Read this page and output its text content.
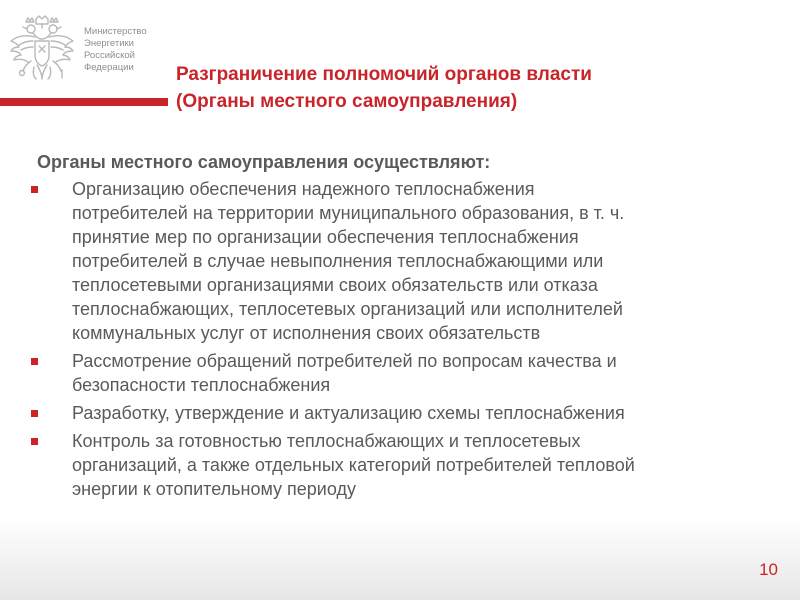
Министерство
Энергетики
Российской
Федерации	Разграничение полномочий органов власти
(Органы местного самоуправления)
Органы местного самоуправления осуществляют:
Организацию обеспечения надежного теплоснабжения
потребителей на территории муниципального образования, в т. ч.
принятие мер по организации обеспечения теплоснабжения
потребителей в случае невыполнения теплоснабжающими или
теплосетевыми организациями своих обязательств или отказа
теплоснабжающих, теплосетевых организаций или исполнителей
коммунальных услуг от исполнения своих обязательств
Рассмотрение обращений потребителей по вопросам качества и
безопасности теплоснабжения
Разработку, утверждение и актуализацию схемы теплоснабжения
Контроль за готовностью теплоснабжающих и теплосетевых
организаций, а также отдельных категорий потребителей тепловой
энергии к отопительному периоду
10
